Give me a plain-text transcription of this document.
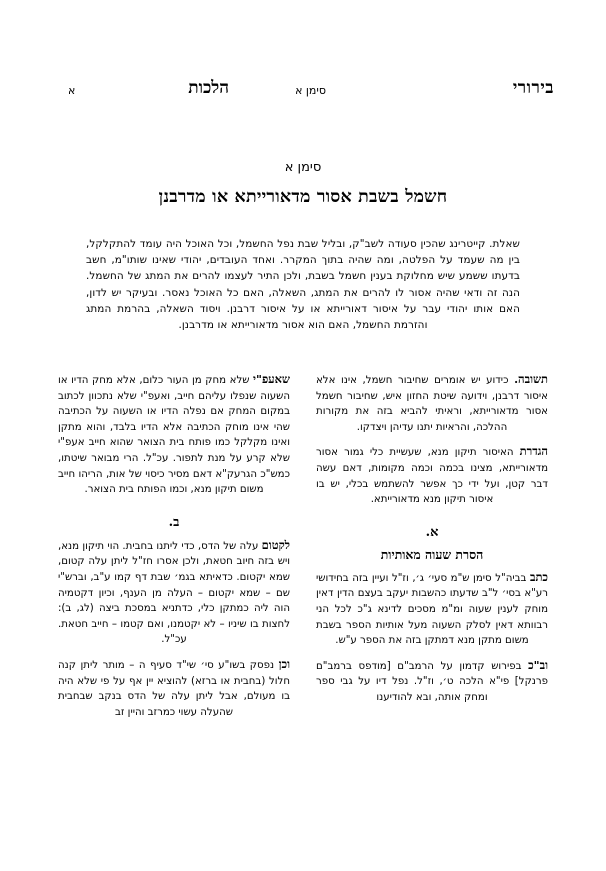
בירורי
סימן א
הלכות
א
סימן א
חשמל בשבת אסור מדאורייתא או מדרבנן
שאלת. קייטרינג שהכין סעודה לשב"ק, ובליל שבת נפל החשמל, וכל האוכל היה עומד להתקלקל, בין מה שעמד על הפלטה, ומה שהיה בתוך המקרר. ואחד העובדים, יהודי שאינו שותו"מ, חשב בדעתו ששמע שיש מחלוקת בענין חשמל בשבת, ולכן התיר לעצמו להרים את המתג של החשמל. הנה זה ודאי שהיה אסור לו להרים את המתג, השאלה, האם כל האוכל נאסר. ובעיקר יש לדון, האם אותו יהודי עבר על איסור דאורייתא או על איסור דרבנן. ויסוד השאלה, בהרמת המתג והזרמת החשמל, האם הוא אסור מדאורייתא או מדרבנן.

תשובה. כידוע יש אומרים שחיבור חשמל, אינו אלא איסור דרבנן, וידועה שיטת החזון איש, שחיבור חשמל אסור מדאורייתא, וראיתי להביא בזה את מקורות ההלכה, והראיות יתנו עדיהן ויצדקו.

הגדרת האיסור תיקון מנא, שעשיית כלי גמור אסור מדאורייתא, מצינו בכמה וכמה מקומות, דאם עשה דבר קטן, ועל ידי כך אפשר להשתמש בכלי, יש בו איסור תיקון מנא מדאורייתא.

א.
הסרת שעוה מאותיות

כתב בביה"ל סימן ש"מ סעי׳ ג׳, וז"ל ועיין בזה בחידושי רע"א בסי׳ ל"ב שדעתו כהשבות יעקב בעצם הדין דאין מוחק לענין שעוה ומ"מ מסכים לדינא ג"כ לכל הני רבוותא דאין לסלק השעוה מעל אותיות הספר בשבת משום מתקן מנא דמתקן בזה את הספר ע"ש.

וב"כ בפירוש קדמון על הרמב"ם [מודפס ברמב"ם פרנקל] פי"א הלכה ט׳, וז"ל. נפל דיו על גבי ספר ומחק אותה, ובא להודיענו

שאעפ"י שלא מחק מן העור כלום, אלא מחק הדיו או השעוה שנפלו עליהם חייב, ואעפ"י שלא נתכוון לכתוב במקום המחק אם נפלה הדיו או השעוה על הכתיבה שהי אינו מוחק הכתיבה אלא הדיו בלבד, והוא מתקן ואינו מקלקל כמו פותח בית הצואר שהוא חייב אעפ"י שלא קרע על מנת לתפור. עכ"ל. הרי מבואר שיטתו, כמש"כ הגרעק"א דאם מסיר כיסוי של אות, הריהו חייב משום תיקון מנא, וכמו הפותח בית הצואר.

ב.

לקטום עלה של הדס, כדי ליתנו בחבית. הוי תיקון מנא, ויש בזה חיוב חטאת, ולכן אסרו חז"ל ליתן עלה קטום, שמא יקטום. כדאיתא בגמ׳ שבת דף קמו ע"ב, וברש"י שם – שמא יקטום – העלה מן הענף, וכיון דקטמיה הוה ליה כמתקן כלי, כדתניא במסכת ביצה (לג, ב): לחצות בו שיניו – לא יקטמנו, ואם קטמו – חייב חטאת. עכ"ל.

וכן נפסק בשו"ע סי׳ שי"ד סעיף ה – מותר ליתן קנה חלול (בחבית או ברזא) להוציא יין אף על פי שלא היה בו מעולם, אבל ליתן עלה של הדס בנקב שבחבית שהעלה עשוי כמרזב והיין זב
